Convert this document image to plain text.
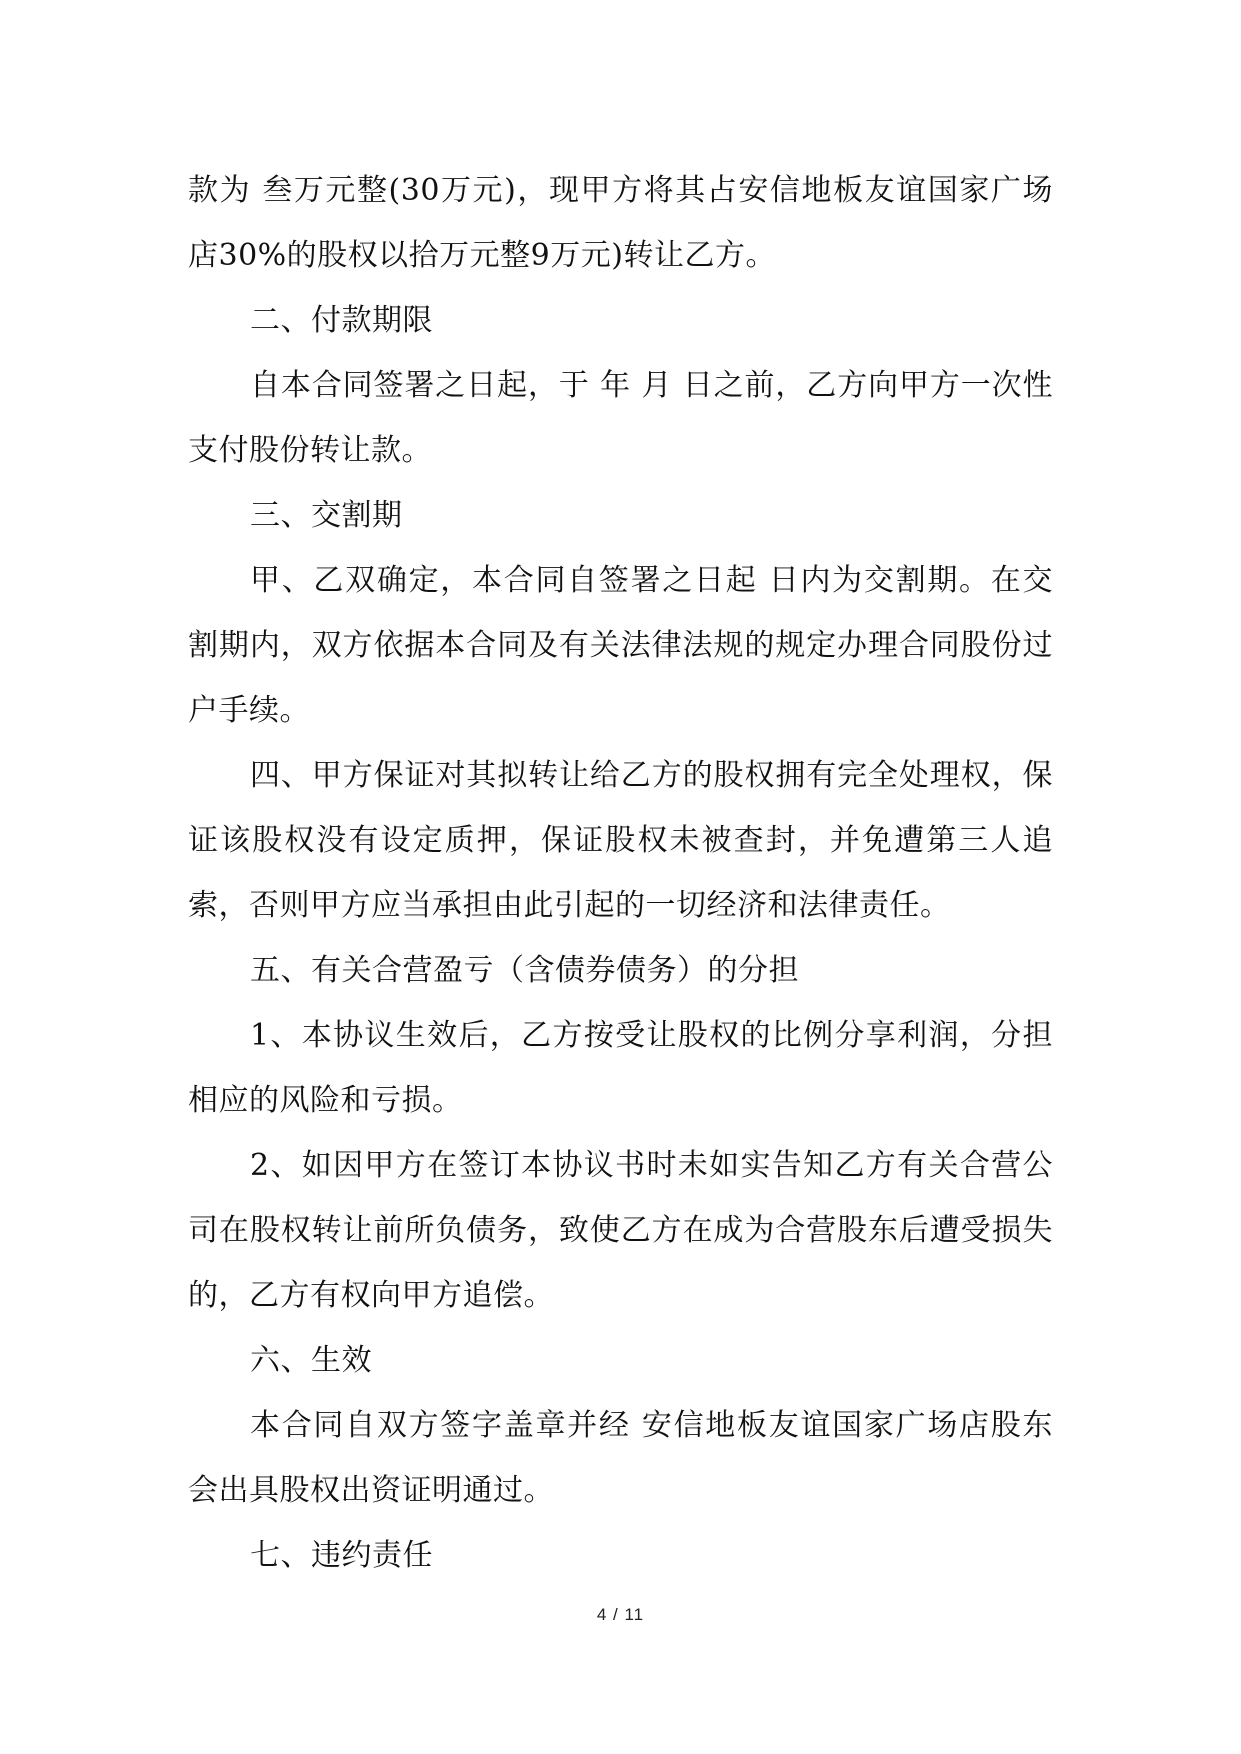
款为 叁万元整(30万元)，现甲方将其占安信地板友谊国家广场店30%的股权以拾万元整9万元)转让乙方。

二、付款期限

自本合同签署之日起，于 年 月 日之前，乙方向甲方一次性支付股份转让款。

三、交割期

甲、乙双确定，本合同自签署之日起 日内为交割期。在交割期内，双方依据本合同及有关法律法规的规定办理合同股份过户手续。

四、甲方保证对其拟转让给乙方的股权拥有完全处理权，保证该股权没有设定质押，保证股权未被查封，并免遭第三人追索，否则甲方应当承担由此引起的一切经济和法律责任。

五、有关合营盈亏（含债券债务）的分担

1、本协议生效后，乙方按受让股权的比例分享利润，分担相应的风险和亏损。

2、如因甲方在签订本协议书时未如实告知乙方有关合营公司在股权转让前所负债务，致使乙方在成为合营股东后遭受损失的，乙方有权向甲方追偿。

六、生效

本合同自双方签字盖章并经 安信地板友谊国家广场店股东会出具股权出资证明通过。

七、违约责任

4 / 11
